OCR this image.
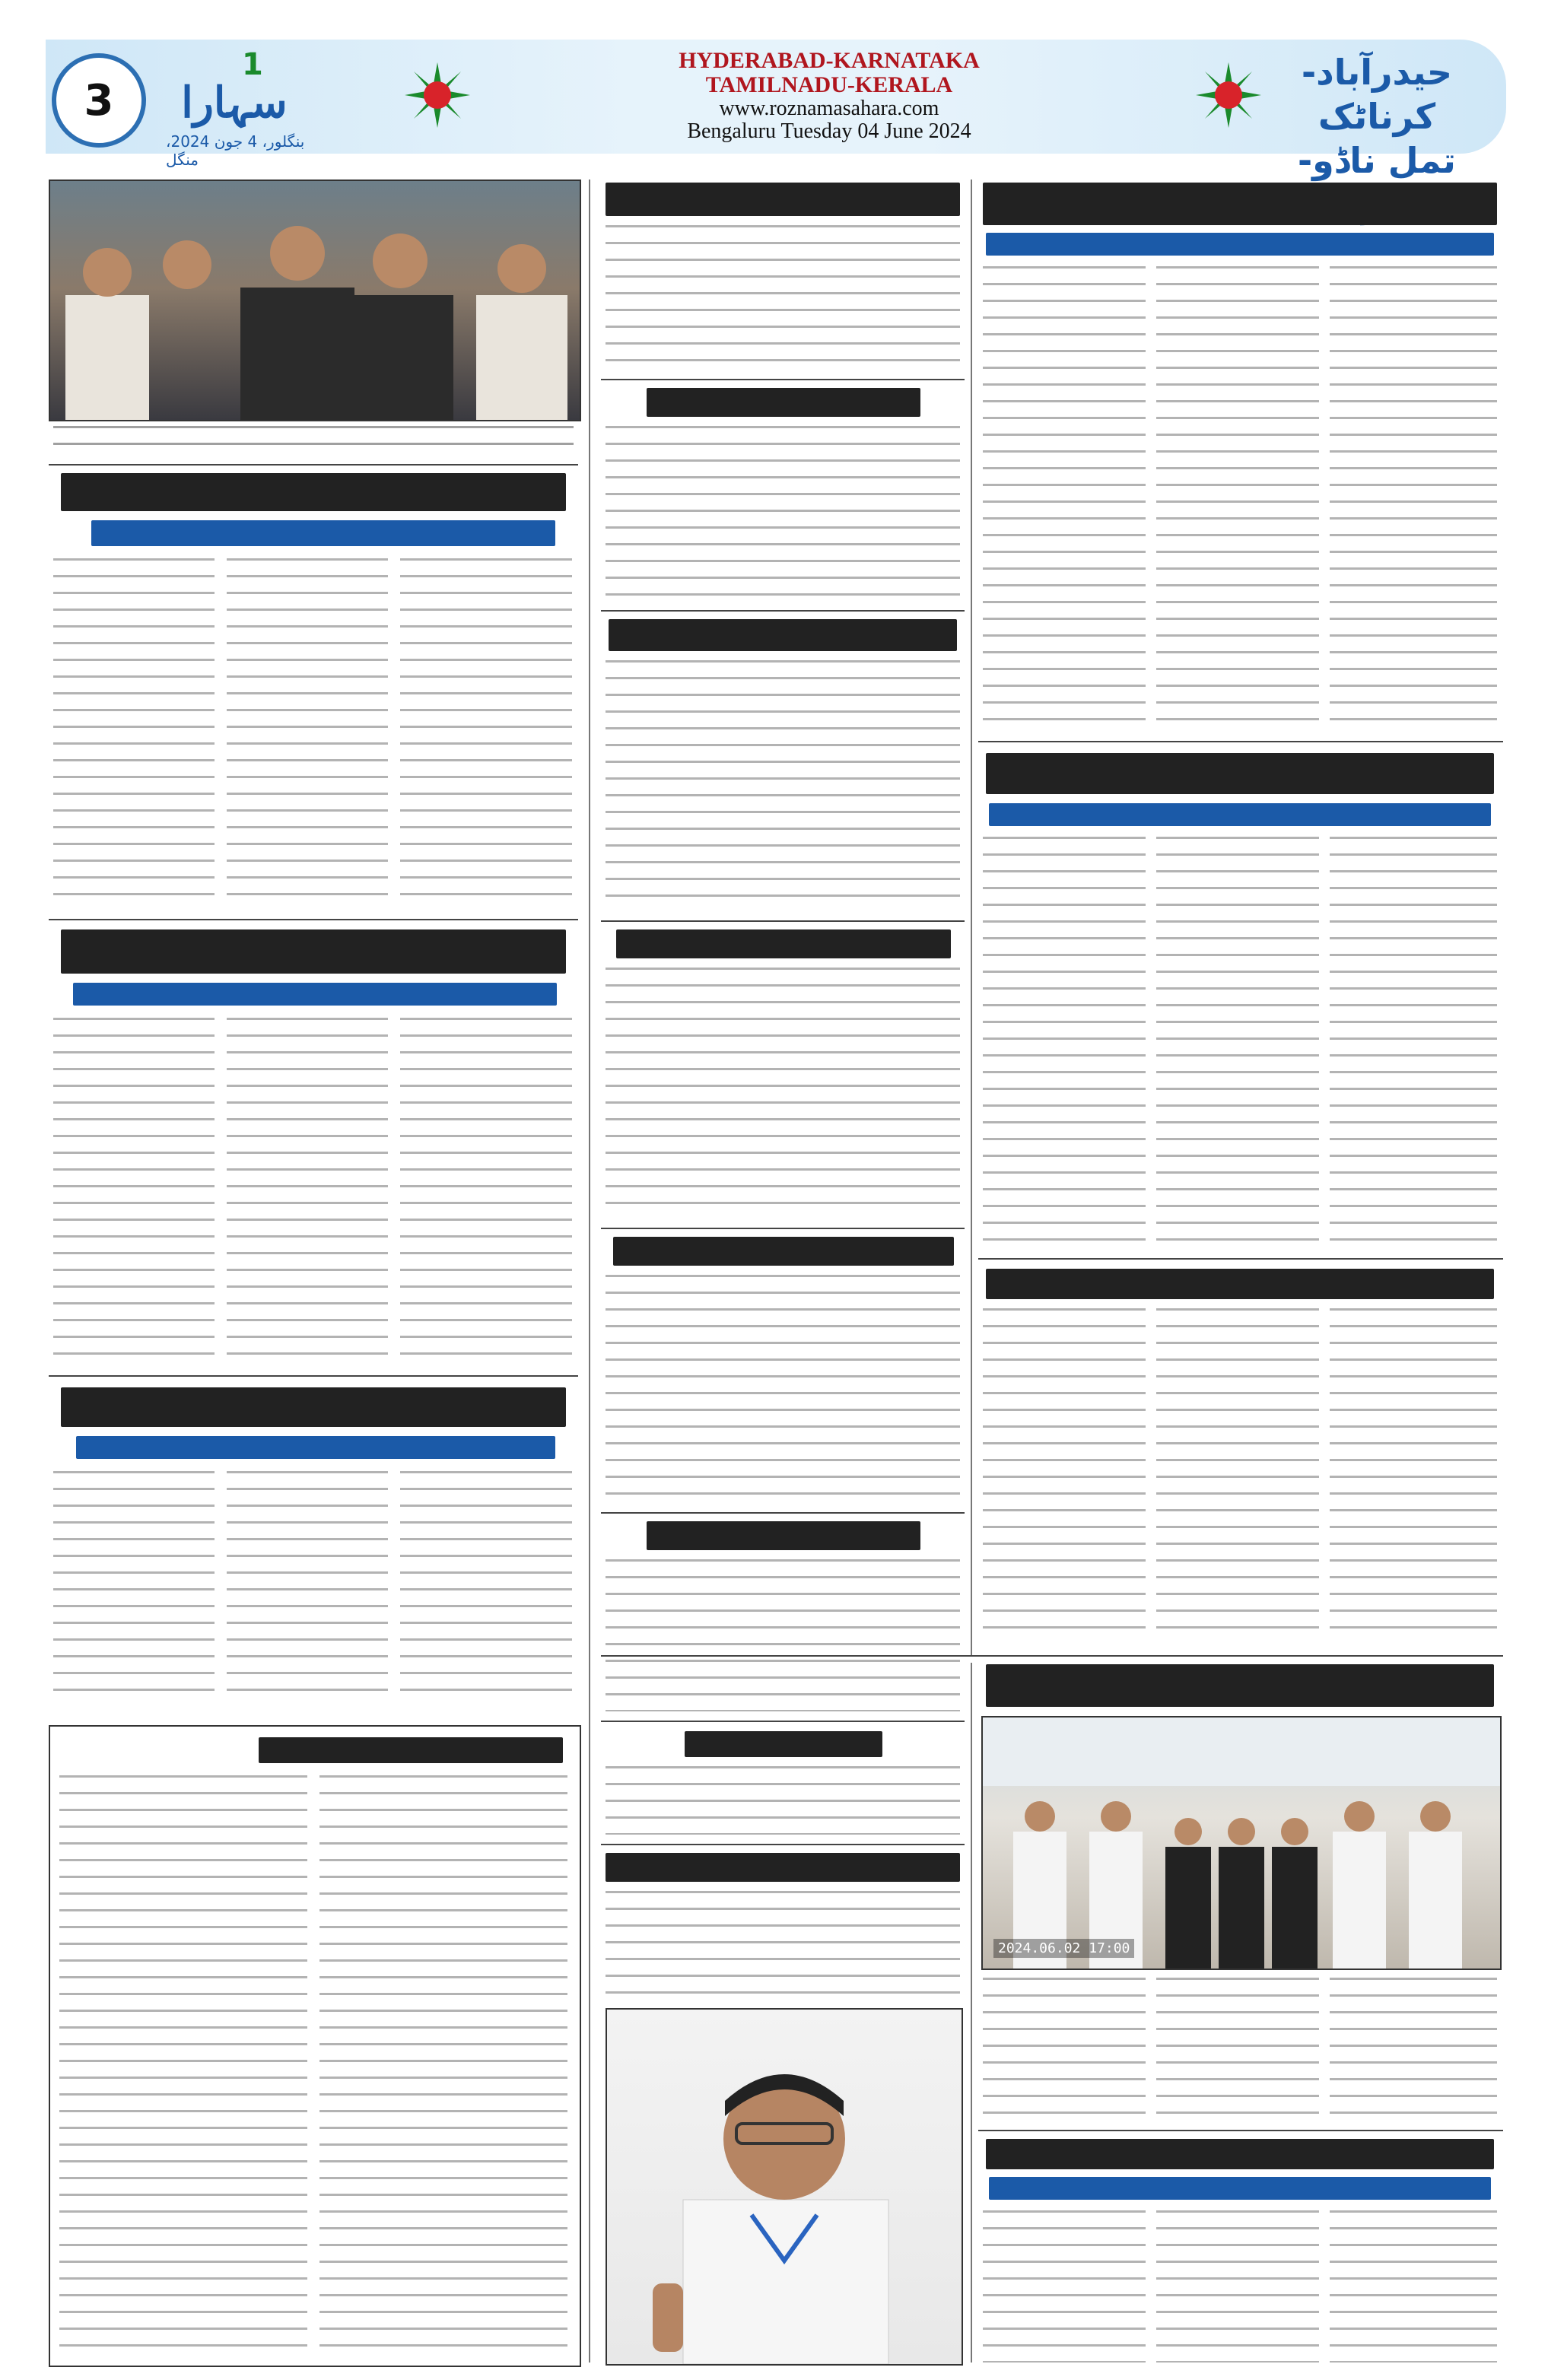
3
1
سہارا
بنگلور، 4 جون 2024، منگل
HYDERABAD-KARNATAKA
TAMILNADU-KERALA
www.roznamasahara.com
Bengaluru Tuesday 04 June 2024
حیدرآباد-کرناٹک
تمل ناڈو-
2024.06.02 17:00
